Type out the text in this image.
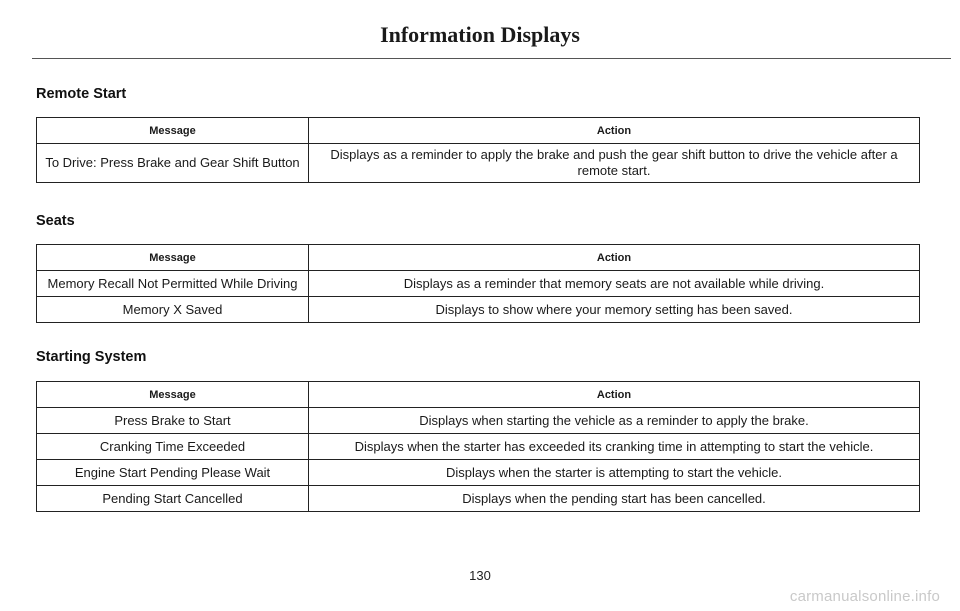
Information Displays
Remote Start
Message	Action
To Drive: Press Brake and Gear Shift Button	Displays as a reminder to apply the brake and push the gear shift button to drive the vehicle after a remote start.
Seats
Message	Action
Memory Recall Not Permitted While Driving	Displays as a reminder that memory seats are not available while driving.
Memory X Saved	Displays to show where your memory setting has been saved.
Starting System
Message	Action
Press Brake to Start	Displays when starting the vehicle as a reminder to apply the brake.
Cranking Time Exceeded	Displays when the starter has exceeded its cranking time in attempting to start the vehicle.
Engine Start Pending Please Wait	Displays when the starter is attempting to start the vehicle.
Pending Start Cancelled	Displays when the pending start has been cancelled.
130
carmanualsonline.info
